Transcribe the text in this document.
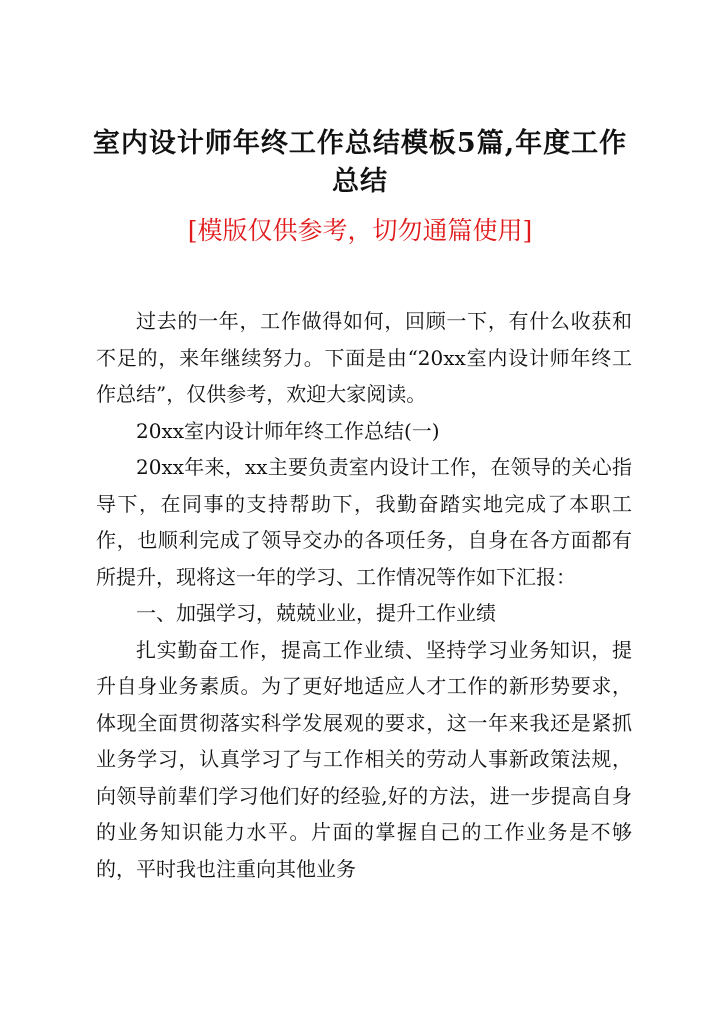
室内设计师年终工作总结模板5篇,年度工作总结
[模版仅供参考，切勿通篇使用]

过去的一年，工作做得如何，回顾一下，有什么收获和不足的，来年继续努力。下面是由“20xx室内设计师年终工作总结”，仅供参考，欢迎大家阅读。

20xx室内设计师年终工作总结(一)

20xx年来，xx主要负责室内设计工作，在领导的关心指导下，在同事的支持帮助下，我勤奋踏实地完成了本职工作，也顺利完成了领导交办的各项任务，自身在各方面都有所提升，现将这一年的学习、工作情况等作如下汇报：

一、加强学习，兢兢业业，提升工作业绩

扎实勤奋工作，提高工作业绩、坚持学习业务知识，提升自身业务素质。为了更好地适应人才工作的新形势要求，体现全面贯彻落实科学发展观的要求，这一年来我还是紧抓业务学习，认真学习了与工作相关的劳动人事新政策法规，向领导前辈们学习他们好的经验,好的方法，进一步提高自身的业务知识能力水平。片面的掌握自己的工作业务是不够的，平时我也注重向其他业务
